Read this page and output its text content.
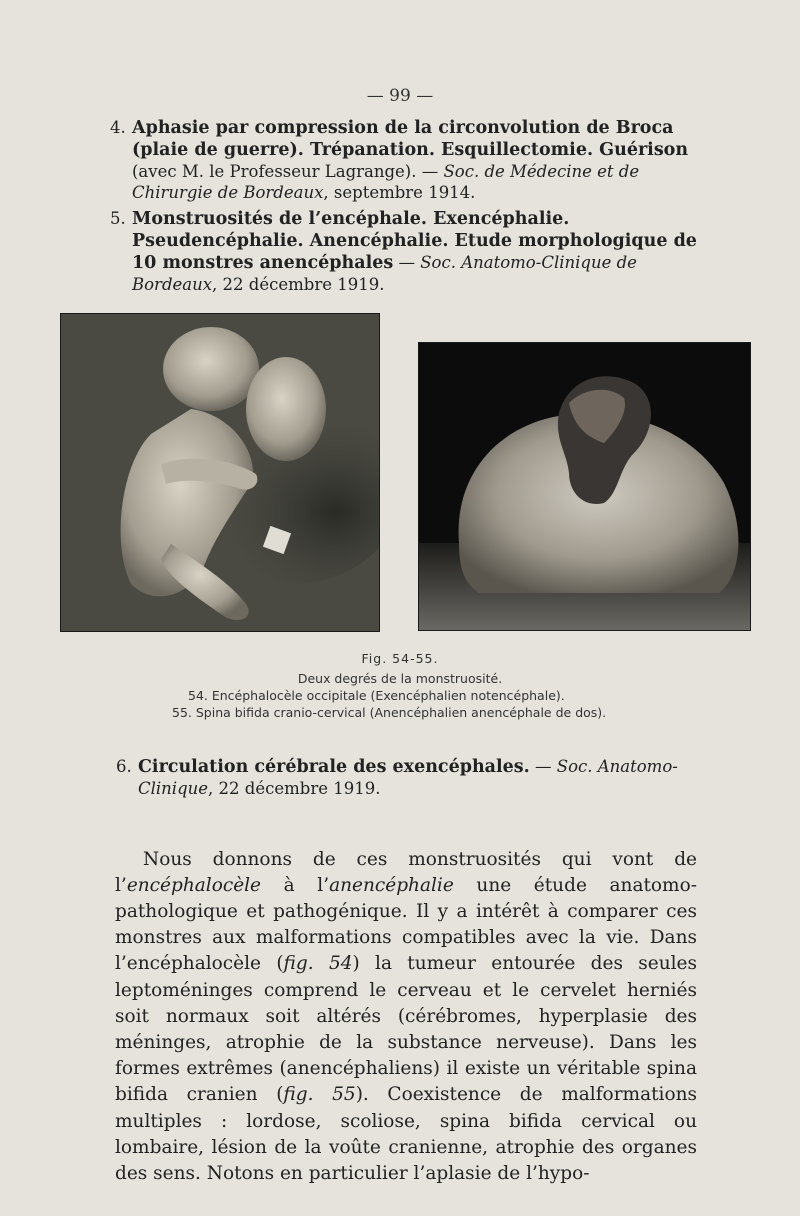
— 99 —
4. Aphasie par compression de la circonvolution de Broca (plaie de guerre). Trépanation. Esquillectomie. Guérison (avec M. le Professeur Lagrange). — Soc. de Médecine et de Chirurgie de Bordeaux, septembre 1914.

5. Monstruosités de l’encéphale. Exencéphalie. Pseudencéphalie. Anencéphalie. Etude morphologique de 10 monstres anencéphales — Soc. Anatomo-Clinique de Bordeaux, 22 décembre 1919.

Fig. 54-55.
Deux degrés de la monstruosité.
54. Encéphalocèle occipitale (Exencéphalien notencéphale).
55. Spina bifida cranio-cervical (Anencéphalien anencéphale de dos).
6. Circulation cérébrale des exencéphales. — Soc. Anatomo-Clinique, 22 décembre 1919.

Nous donnons de ces monstruosités qui vont de l’encéphalocèle à l’anencéphalie une étude anatomo-pathologique et pathogénique. Il y a intérêt à comparer ces monstres aux malformations compatibles avec la vie. Dans l’encéphalocèle (fig. 54) la tumeur entourée des seules leptoméninges comprend le cerveau et le cervelet herniés soit normaux soit altérés (cérébromes, hyperplasie des méninges, atrophie de la substance nerveuse). Dans les formes extrêmes (anencéphaliens) il existe un véritable spina bifida cranien (fig. 55). Coexistence de malformations multiples : lordose, scoliose, spina bifida cervical ou lombaire, lésion de la voûte cranienne, atrophie des organes des sens. Notons en particulier l’aplasie de l’hypo-
